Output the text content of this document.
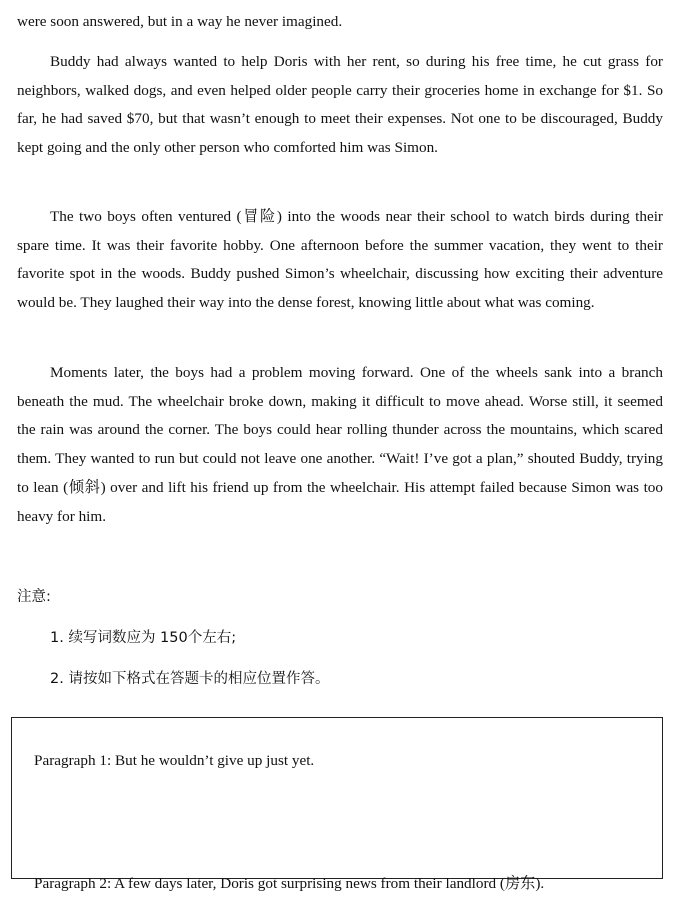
were soon answered, but in a way he never imagined.

Buddy had always wanted to help Doris with her rent, so during his free time, he cut grass for neighbors, walked dogs, and even helped older people carry their groceries home in exchange for $1. So far, he had saved $70, but that wasn’t enough to meet their expenses. Not one to be discouraged, Buddy kept going and the only other person who comforted him was Simon.

The two boys often ventured (冒险) into the woods near their school to watch birds during their spare time. It was their favorite hobby. One afternoon before the summer vacation, they went to their favorite spot in the woods. Buddy pushed Simon’s wheelchair, discussing how exciting their adventure would be. They laughed their way into the dense forest, knowing little about what was coming.

Moments later, the boys had a problem moving forward. One of the wheels sank into a branch beneath the mud. The wheelchair broke down, making it difficult to move ahead. Worse still, it seemed the rain was around the corner. The boys could hear rolling thunder across the mountains, which scared them. They wanted to run but could not leave one another. “Wait! I’ve got a plan,” shouted Buddy, trying to lean (倾斜) over and lift his friend up from the wheelchair. His attempt failed because Simon was too heavy for him.

注意:

1. 续写词数应为 150个左右;

2. 请按如下格式在答题卡的相应位置作答。

Paragraph 1: But he wouldn’t give up just yet.

Paragraph 2: A few days later, Doris got surprising news from their landlord (房东).
